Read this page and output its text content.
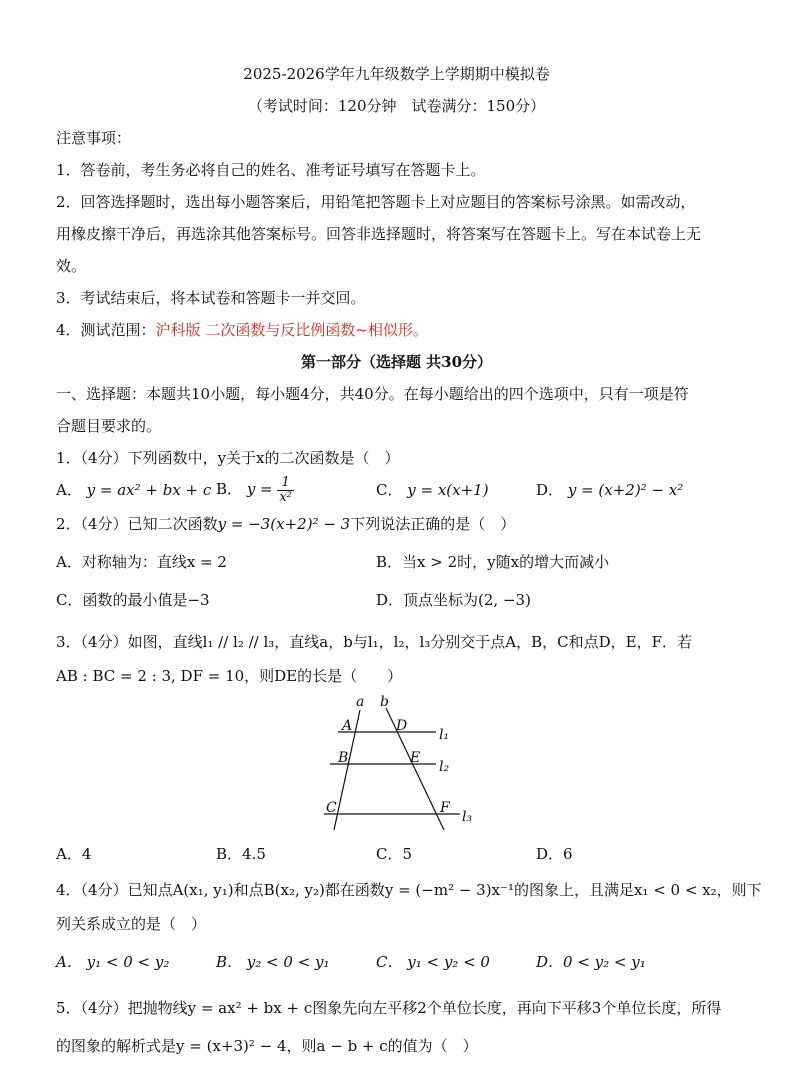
2025-2026学年九年级数学上学期期中模拟卷
（考试时间：120分钟　试卷满分：150分）
注意事项：
1．答卷前，考生务必将自己的姓名、准考证号填写在答题卡上。
2．回答选择题时，选出每小题答案后，用铅笔把答题卡上对应题目的答案标号涂黑。如需改动，
用橡皮擦干净后，再选涂其他答案标号。回答非选择题时，将答案写在答题卡上。写在本试卷上无
效。
3．考试结束后，将本试卷和答题卡一并交回。
4．测试范围：沪科版 二次函数与反比例函数~相似形。
第一部分（选择题 共30分）
一、选择题：本题共10小题，每小题4分，共40分。在每小题给出的四个选项中，只有一项是符
合题目要求的。
1．（4分）下列函数中，y关于x的二次函数是（　）
A． y = ax² + bx + c B． $y = \frac{1}{\text{x²}}$	C． y = x(x+1)	D． y = (x+2)² − x²
2．（4分）已知二次函数y = −3(x+2)² − 3下列说法正确的是（　）
A．对称轴为：直线x = 2	B．当x > 2时，y随x的增大而减小
C．函数的最小值是−3	D．顶点坐标为(2, −3)
3．（4分）如图，直线l₁ // l₂ // l₃，直线a，b与l₁，l₂，l₃分别交于点A，B，C和点D，E，F．若
AB : BC = 2 : 3, DF = 10，则DE的长是（　　）
a b
A	D
B	E
C	F
l₁
l₂
l₃
A．4	B．4.5	C．5	D．6
4．（4分）已知点A(x₁, y₁)和点B(x₂, y₂)都在函数y = (−m² − 3)x⁻¹的图象上，且满足x₁ < 0 < x₂，则下
列关系成立的是（　）
A． y₁ < 0 < y₂	B． y₂ < 0 < y₁	C． y₁ < y₂ < 0	D．0 < y₂ < y₁
5．（4分）把抛物线y = ax² + bx + c图象先向左平移2个单位长度，再向下平移3个单位长度，所得
的图象的解析式是y = (x+3)² − 4，则a − b + c的值为（　）
